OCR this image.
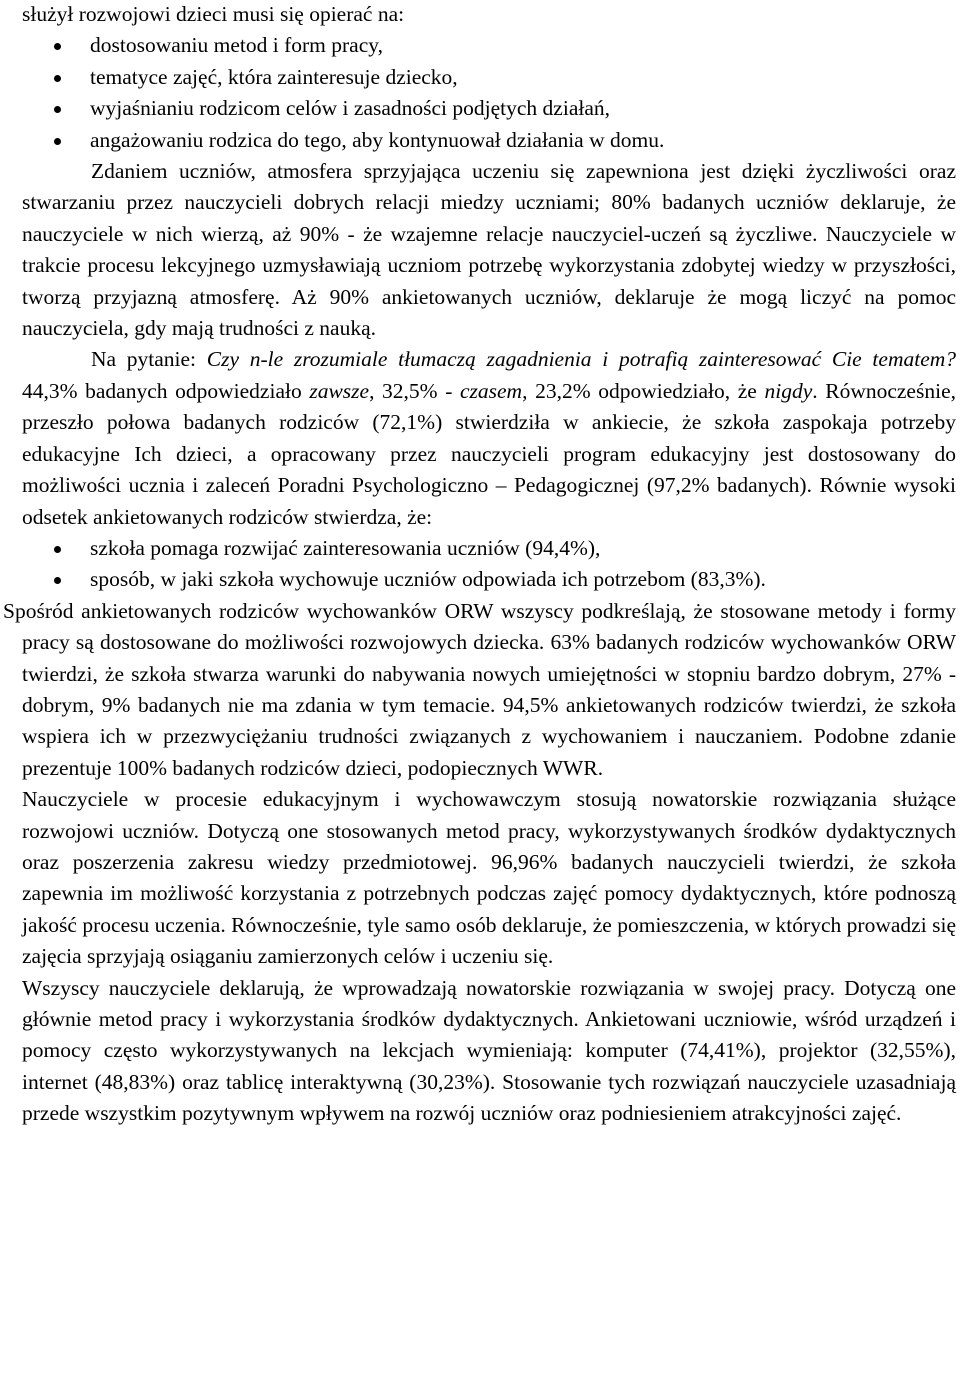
służył rozwojowi dzieci musi się opierać na:

dostosowaniu metod i form pracy,
tematyce zajęć, która zainteresuje dziecko,
wyjaśnianiu rodzicom celów i zasadności podjętych działań,
angażowaniu rodzica do tego, aby kontynuował działania w domu.

Zdaniem uczniów, atmosfera sprzyjająca uczeniu się zapewniona jest dzięki życzliwości oraz stwarzaniu przez nauczycieli dobrych relacji miedzy uczniami; 80% badanych uczniów deklaruje, że nauczyciele w nich wierzą, aż 90% - że wzajemne relacje nauczyciel-uczeń są życzliwe. Nauczyciele w trakcie procesu lekcyjnego uzmysławiają uczniom potrzebę wykorzystania zdobytej wiedzy w przyszłości, tworzą przyjazną atmosferę. Aż 90% ankietowanych uczniów, deklaruje że mogą liczyć na pomoc nauczyciela, gdy mają trudności z nauką.

Na pytanie: Czy n-le zrozumiale tłumaczą zagadnienia i potrafią zainteresować Cie tematem? 44,3% badanych odpowiedziało zawsze, 32,5% - czasem, 23,2% odpowiedziało, że nigdy. Równocześnie, przeszło połowa badanych rodziców (72,1%) stwierdziła w ankiecie, że szkoła zaspokaja potrzeby edukacyjne Ich dzieci, a opracowany przez nauczycieli program edukacyjny jest dostosowany do możliwości ucznia i zaleceń Poradni Psychologiczno – Pedagogicznej (97,2% badanych). Równie wysoki odsetek ankietowanych rodziców stwierdza, że:

szkoła pomaga rozwijać zainteresowania uczniów (94,4%),
sposób, w jaki szkoła wychowuje uczniów odpowiada ich potrzebom (83,3%).

Spośród ankietowanych rodziców wychowanków ORW wszyscy podkreślają, że stosowane metody i formy pracy są dostosowane do możliwości rozwojowych dziecka. 63% badanych rodziców wychowanków ORW twierdzi, że szkoła stwarza warunki do nabywania nowych umiejętności w stopniu bardzo dobrym, 27% - dobrym, 9% badanych nie ma zdania w tym temacie. 94,5% ankietowanych rodziców twierdzi, że szkoła wspiera ich w przezwyciężaniu trudności związanych z wychowaniem i nauczaniem. Podobne zdanie prezentuje 100% badanych rodziców dzieci, podopiecznych WWR.

Nauczyciele w procesie edukacyjnym i wychowawczym stosują nowatorskie rozwiązania służące rozwojowi uczniów. Dotyczą one stosowanych metod pracy, wykorzystywanych środków dydaktycznych oraz poszerzenia zakresu wiedzy przedmiotowej. 96,96% badanych nauczycieli twierdzi, że szkoła zapewnia im możliwość korzystania z potrzebnych podczas zajęć pomocy dydaktycznych, które podnoszą jakość procesu uczenia. Równocześnie, tyle samo osób deklaruje, że pomieszczenia, w których prowadzi się zajęcia sprzyjają osiąganiu zamierzonych celów i uczeniu się.

Wszyscy nauczyciele deklarują, że wprowadzają nowatorskie rozwiązania w swojej pracy. Dotyczą one głównie metod pracy i wykorzystania środków dydaktycznych. Ankietowani uczniowie, wśród urządzeń i pomocy często wykorzystywanych na lekcjach wymieniają: komputer (74,41%), projektor (32,55%), internet (48,83%) oraz tablicę interaktywną (30,23%). Stosowanie tych rozwiązań nauczyciele uzasadniają przede wszystkim pozytywnym wpływem na rozwój uczniów oraz podniesieniem atrakcyjności zajęć.
